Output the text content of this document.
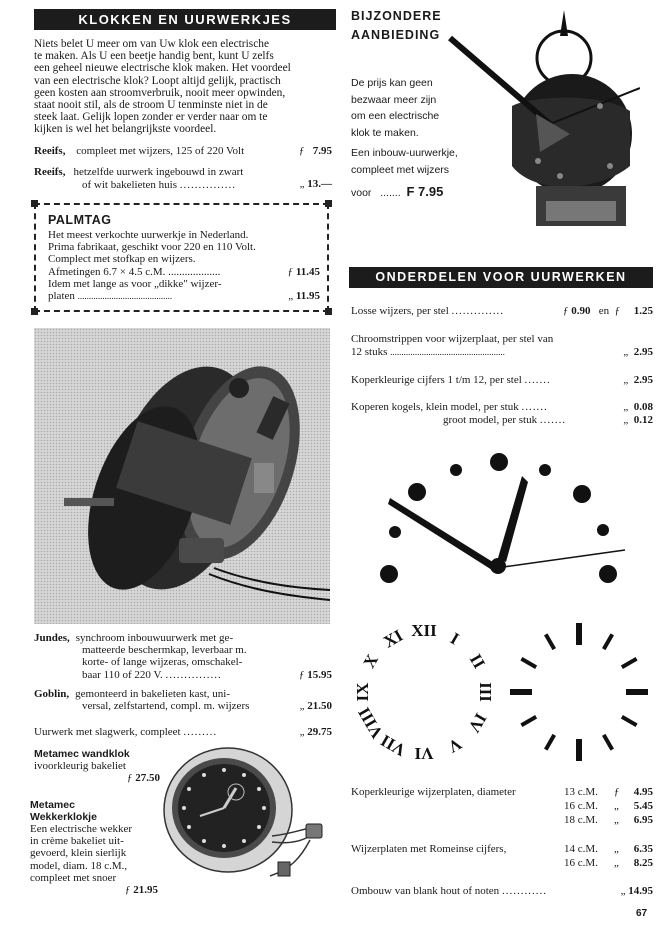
KLOKKEN EN UURWERKJES
Niets belet U meer om van Uw klok een electrische
te maken. Als U een beetje handig bent, kunt U zelfs
een geheel nieuwe electrische klok maken. Het voordeel
van een electrische klok? Loopt altijd gelijk, practisch
geen kosten aan stroomverbruik, nooit meer opwinden,
staat nooit stil, als de stroom U tenminste niet in de
steek laat. Gelijk lopen zonder er verder naar om te
kijken is wel het belangrijkste voordeel.
Reeifs, compleet met wijzers, 125 of 220 Volt	ƒ 7.95
Reeifs, hetzelfde uurwerk ingebouwd in zwart
of wit bakelieten huis ...............	„ 13.—
PALMTAG
Het meest verkochte uurwerkje in Nederland.
Prima fabrikaat, geschikt voor 220 en 110 Volt.
Complect met stofkap en wijzers.
Afmetingen 6.7 × 4.5 c.M. ...................	ƒ 11.45
Idem met lange as voor „dikke" wijzer-
platen ..........................................	„ 11.95
Jundes, synchroom inbouwuurwerk met ge-
matteerde beschermkap, leverbaar m.
korte- of lange wijzeras, omschakel-
baar 110 of 220 V. ...............	ƒ 15.95
Goblin, gemonteerd in bakelieten kast, uni-
versal, zelfstartend, compl. m. wijzers	„ 21.50
Uurwerk met slagwerk, compleet .........	„ 29.75
Metamec wandklok
ivoorkleurig bakeliet
ƒ 27.50
Metamec
Wekkerklokje
Een electrische wekker
in crème bakeliet uit-
gevoerd, klein sierlijk
model, diam. 18 c.M.,
compleet met snoer
ƒ 21.95
BIJZONDERE
AANBIEDING
De prijs kan geen
bezwaar meer zijn
om een electrische
klok te maken.
Een inbouw-uurwerkje,
compleet met wijzers
voor ....... F 7.95
ONDERDELEN VOOR UURWERKEN
Losse wijzers, per stel ..............	ƒ 0.90 en ƒ 1.25
Chroomstrippen voor wijzerplaat, per stel van
12 stuks ...................................................	„ 2.95
Koperkleurige cijfers 1 t/m 12, per stel .......	„ 2.95
Koperen kogels, klein model, per stuk .......	„ 0.08
groot model, per stuk .......	„ 0.12
XII I
II
III
IV
V
VI
VII
VIII
IX
X
XI
Koperkleurige wijzerplaten, diameter	13 c.M. ƒ 4.95
16 c.M. „ 5.45
18 c.M. „ 6.95
Wijzerplaten met Romeinse cijfers,	14 c.M. „ 6.35
16 c.M. „ 8.25
Ombouw van blank hout of noten ............	„ 14.95
67
